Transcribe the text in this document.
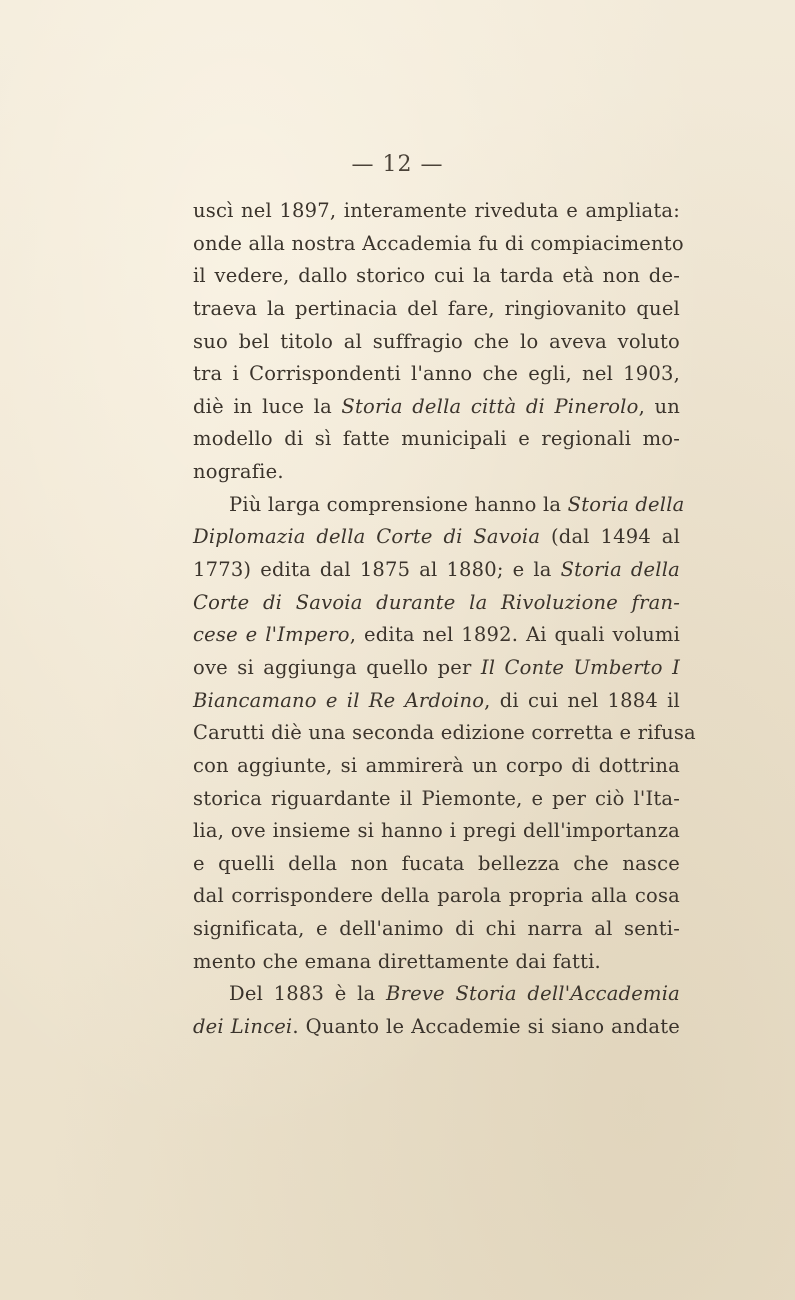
— 12 —
uscì nel 1897, interamente riveduta e ampliata:
onde alla nostra Accademia fu di compiacimento
il vedere, dallo storico cui la tarda età non de-
traeva la pertinacia del fare, ringiovanito quel
suo bel titolo al suffragio che lo aveva voluto
tra i Corrispondenti l'anno che egli, nel 1903,
diè in luce la Storia della città di Pinerolo, un
modello di sì fatte municipali e regionali mo-
nografie.
Più larga comprensione hanno la Storia della
Diplomazia della Corte di Savoia (dal 1494 al
1773) edita dal 1875 al 1880; e la Storia della
Corte di Savoia durante la Rivoluzione fran-
cese e l'Impero, edita nel 1892. Ai quali volumi
ove si aggiunga quello per Il Conte Umberto I
Biancamano e il Re Ardoino, di cui nel 1884 il
Carutti diè una seconda edizione corretta e rifusa
con aggiunte, si ammirerà un corpo di dottrina
storica riguardante il Piemonte, e per ciò l'Ita-
lia, ove insieme si hanno i pregi dell'importanza
e quelli della non fucata bellezza che nasce
dal corrispondere della parola propria alla cosa
significata, e dell'animo di chi narra al senti-
mento che emana direttamente dai fatti.
Del 1883 è la Breve Storia dell'Accademia
dei Lincei. Quanto le Accademie si siano andate
